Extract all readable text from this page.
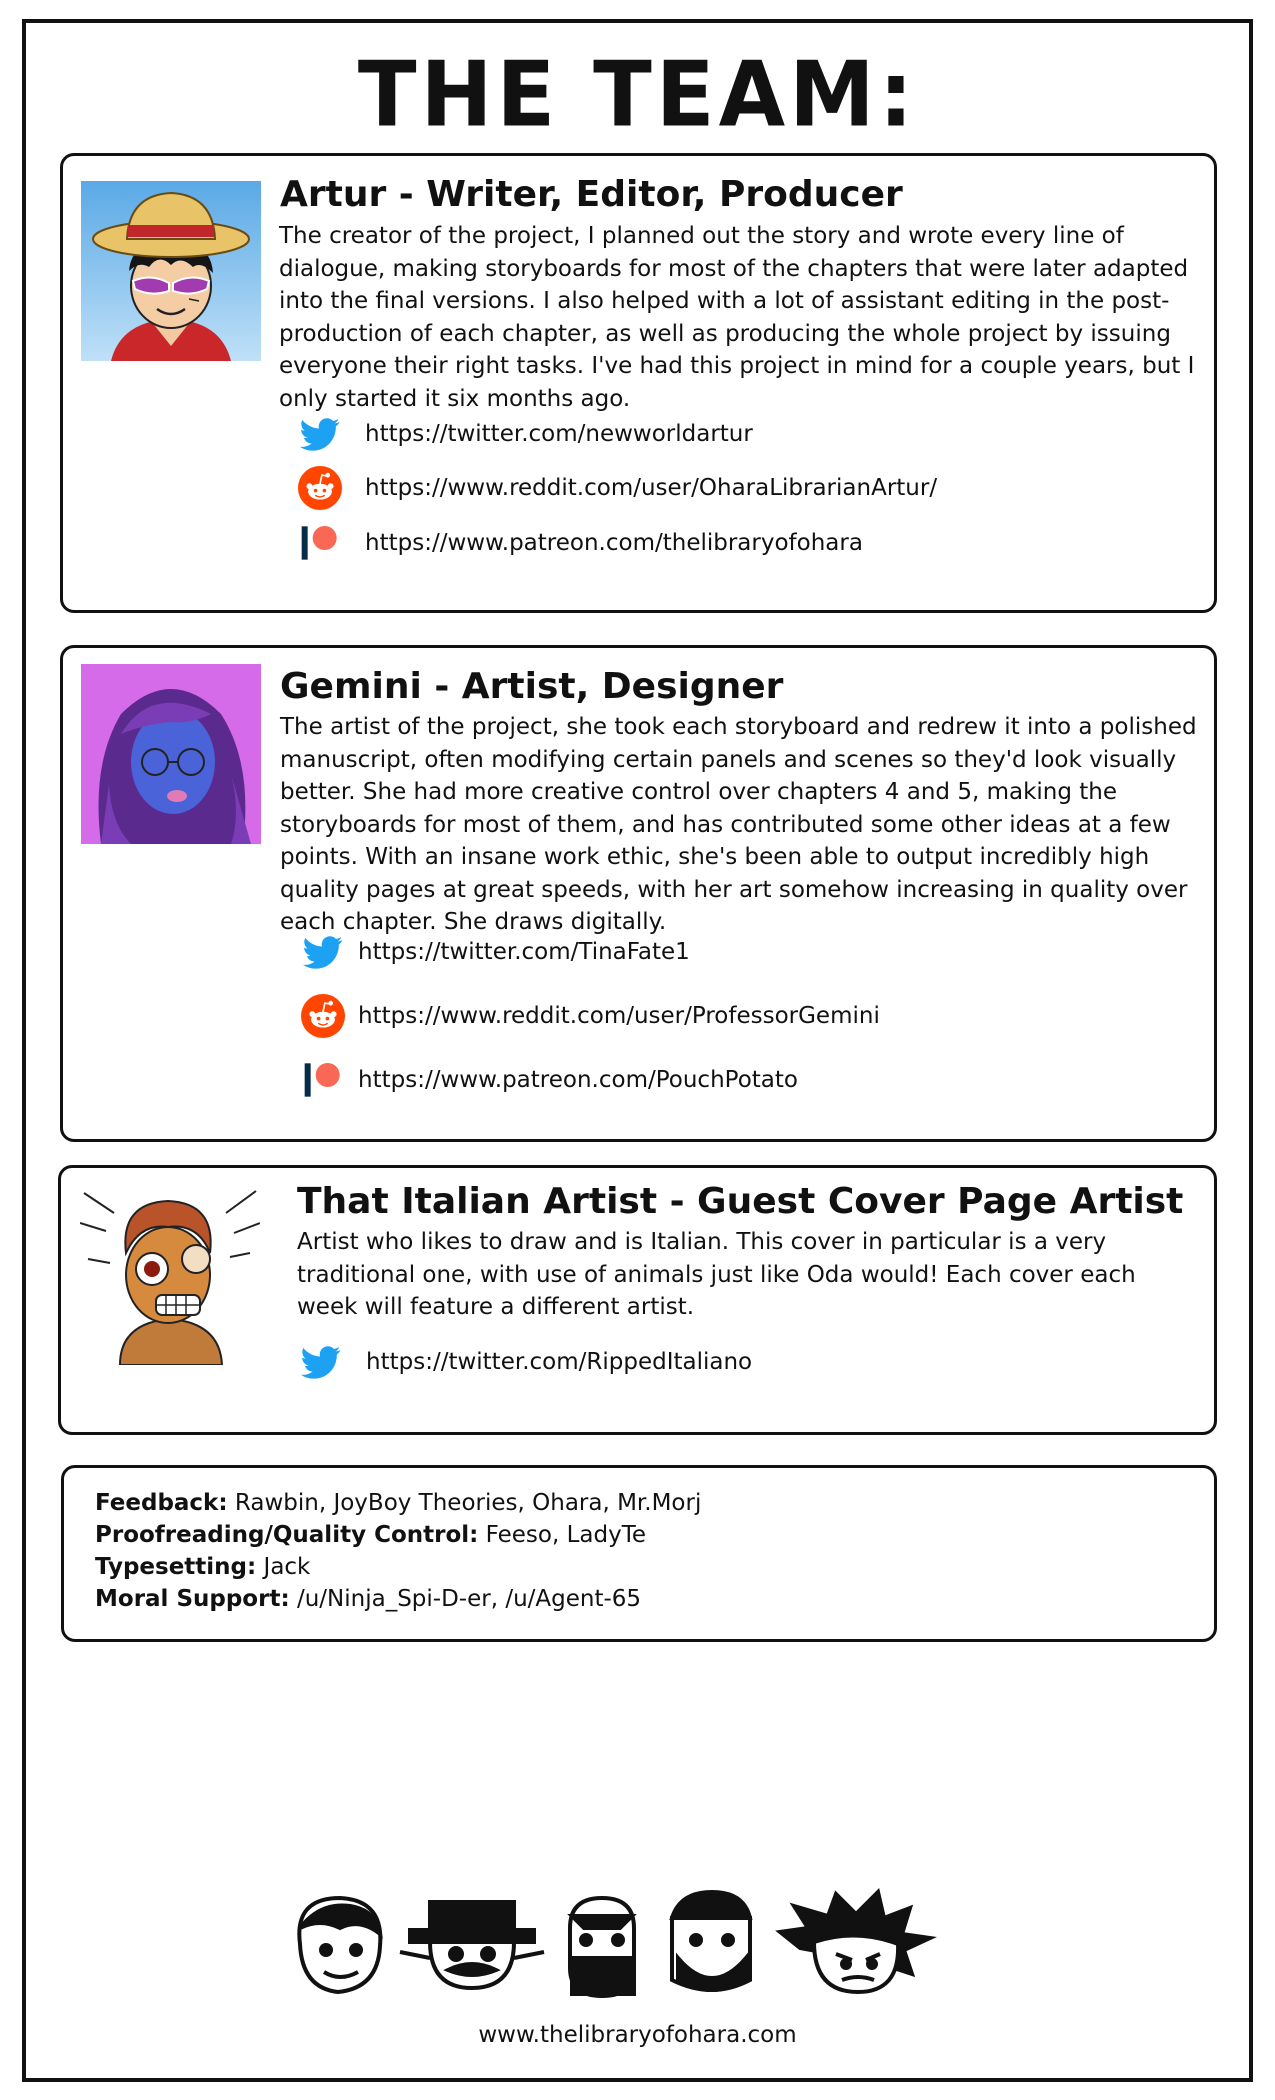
THE TEAM:
Artur - Writer, Editor, Producer

The creator of the project, I planned out the story and wrote every line of dialogue, making storyboards for most of the chapters that were later adapted into the final versions. I also helped with a lot of assistant editing in the post-production of each chapter, as well as producing the whole project by issuing everyone their right tasks. I've had this project in mind for a couple years, but I only started it six months ago.

https://twitter.com/newworldartur
https://www.reddit.com/user/OharaLibrarianArtur/
https://www.patreon.com/thelibraryofohara
Gemini - Artist, Designer

The artist of the project, she took each storyboard and redrew it into a polished manuscript, often modifying certain panels and scenes so they'd look visually better. She had more creative control over chapters 4 and 5, making the storyboards for most of them, and has contributed some other ideas at a few points. With an insane work ethic, she's been able to output incredibly high quality pages at great speeds, with her art somehow increasing in quality over each chapter. She draws digitally.

https://twitter.com/TinaFate1
https://www.reddit.com/user/ProfessorGemini
https://www.patreon.com/PouchPotato
That Italian Artist - Guest Cover Page Artist

Artist who likes to draw and is Italian. This cover in particular is a very traditional one, with use of animals just like Oda would! Each cover each week will feature a different artist.

https://twitter.com/RippedItaliano
Feedback: Rawbin, JoyBoy Theories, Ohara, Mr.Morj
Proofreading/Quality Control: Feeso, LadyTe
Typesetting: Jack
Moral Support: /u/Ninja_Spi-D-er, /u/Agent-65
www.thelibraryofohara.com
